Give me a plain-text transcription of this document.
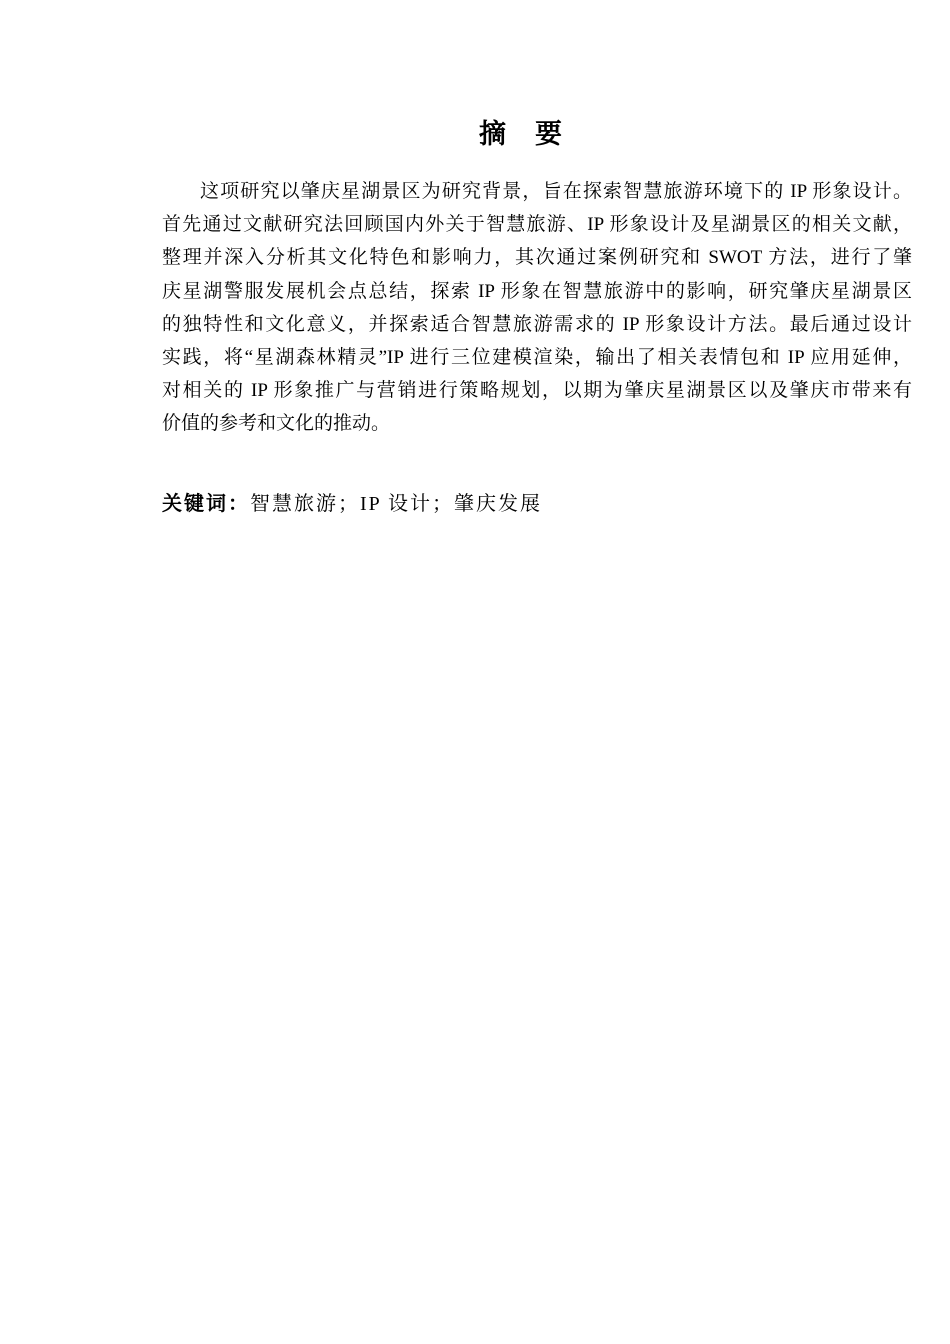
摘　要
这项研究以肇庆星湖景区为研究背景，旨在探索智慧旅游环境下的 IP 形象设计。
首先通过文献研究法回顾国内外关于智慧旅游、IP 形象设计及星湖景区的相关文献，
整理并深入分析其文化特色和影响力，其次通过案例研究和 SWOT 方法，进行了肇
庆星湖警服发展机会点总结，探索 IP 形象在智慧旅游中的影响，研究肇庆星湖景区
的独特性和文化意义，并探索适合智慧旅游需求的 IP 形象设计方法。最后通过设计
实践，将“星湖森林精灵”IP 进行三位建模渲染，输出了相关表情包和 IP 应用延伸，
对相关的 IP 形象推广与营销进行策略规划，以期为肇庆星湖景区以及肇庆市带来有
价值的参考和文化的推动。
关键词：智慧旅游；IP 设计；肇庆发展
